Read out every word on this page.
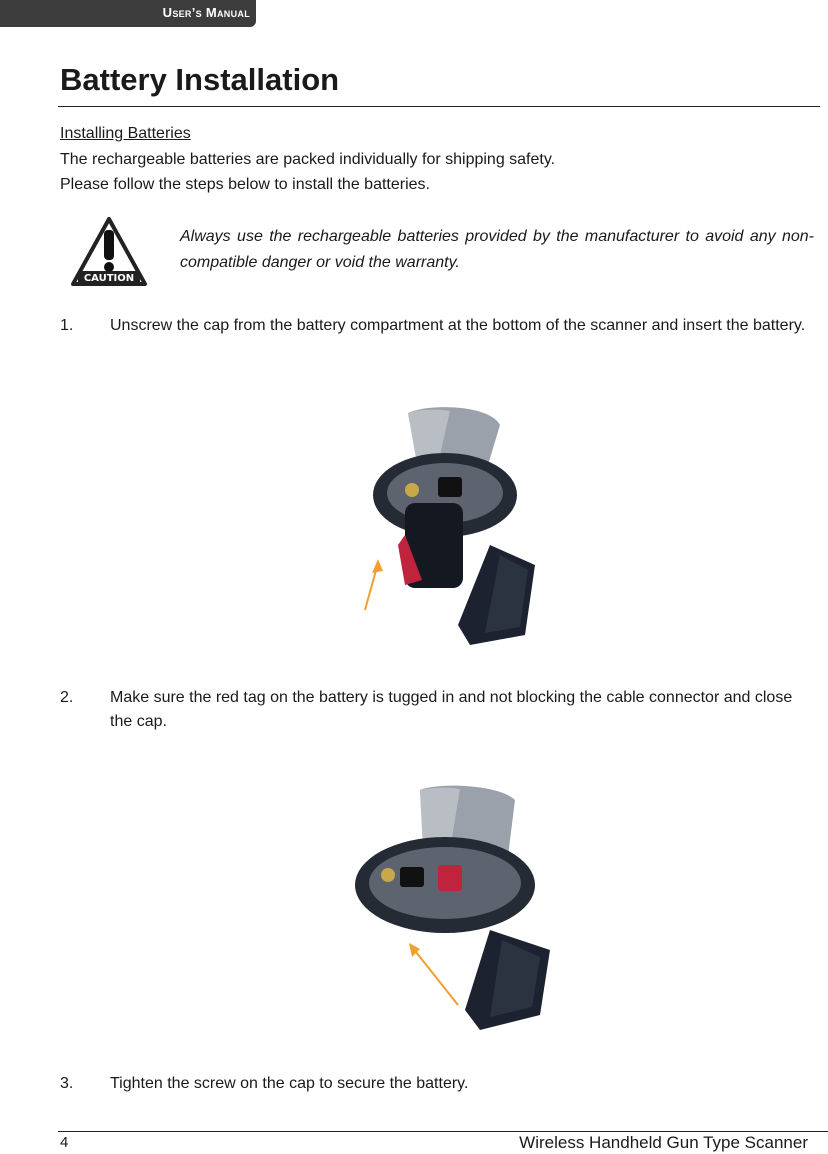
User’s Manual
Battery Installation
Installing Batteries
The rechargeable batteries are packed individually for shipping safety.
Please follow the steps below to install the batteries.
CAUTION
Always use the rechargeable batteries provided by the manufacturer to avoid any non-compatible danger or void the warranty.
1. Unscrew the cap from the battery compartment at the bottom of the scanner and insert the battery.
2. Make sure the red tag on the battery is tugged in and not blocking the cable connector and close the cap.
3. Tighten the screw on the cap to secure the battery.
4	Wireless Handheld Gun Type Scanner
